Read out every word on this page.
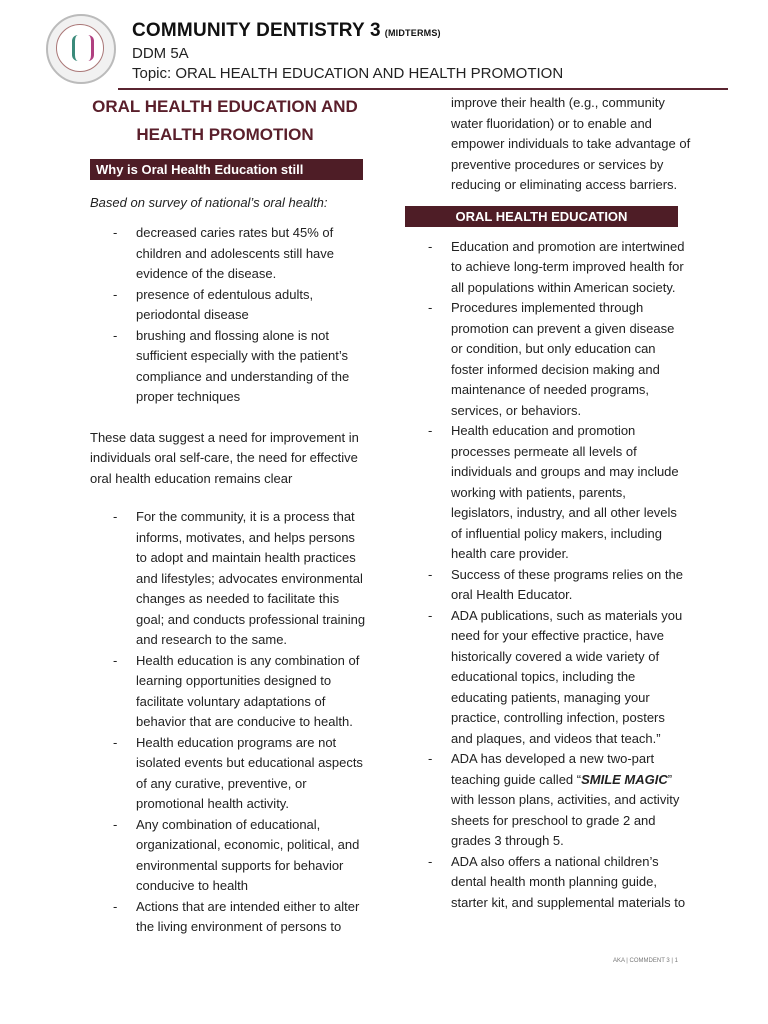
COMMUNITY DENTISTRY 3 (MIDTERMS)
DDM 5A
Topic: ORAL HEALTH EDUCATION AND HEALTH PROMOTION
ORAL HEALTH EDUCATION AND
HEALTH PROMOTION
Why is Oral Health Education still important?
Based on survey of national’s oral health:
- decreased caries rates but 45% of children and adolescents still have evidence of the disease.
- presence of edentulous adults, periodontal disease
- brushing and flossing alone is not sufficient especially with the patient’s compliance and understanding of the proper techniques
These data suggest a need for improvement in individuals oral self-care, the need for effective oral health education remains clear
- For the community, it is a process that informs, motivates, and helps persons to adopt and maintain health practices and lifestyles; advocates environmental changes as needed to facilitate this goal; and conducts professional training and research to the same.
- Health education is any combination of learning opportunities designed to facilitate voluntary adaptations of behavior that are conducive to health.
- Health education programs are not isolated events but educational aspects of any curative, preventive, or promotional health activity.
- Any combination of educational, organizational, economic, political, and environmental supports for behavior conducive to health
- Actions that are intended either to alter the living environment of persons to
improve their health (e.g., community water fluoridation) or to enable and empower individuals to take advantage of preventive procedures or services by reducing or eliminating access barriers.
ORAL HEALTH EDUCATION
- Education and promotion are intertwined to achieve long-term improved health for all populations within American society.
- Procedures implemented through promotion can prevent a given disease or condition, but only education can foster informed decision making and maintenance of needed programs, services, or behaviors.
- Health education and promotion processes permeate all levels of individuals and groups and may include working with patients, parents, legislators, industry, and all other levels of influential policy makers, including health care provider.
- Success of these programs relies on the oral Health Educator.
- ADA publications, such as materials you need for your effective practice, have historically covered a wide variety of educational topics, including the educating patients, managing your practice, controlling infection, posters and plaques, and videos that teach.”
- ADA has developed a new two-part teaching guide called “SMILE MAGIC” with lesson plans, activities, and activity sheets for preschool to grade 2 and grades 3 through 5.
- ADA also offers a national children’s dental health month planning guide, starter kit, and supplemental materials to
AKA | COMMDENT 3 | 1
